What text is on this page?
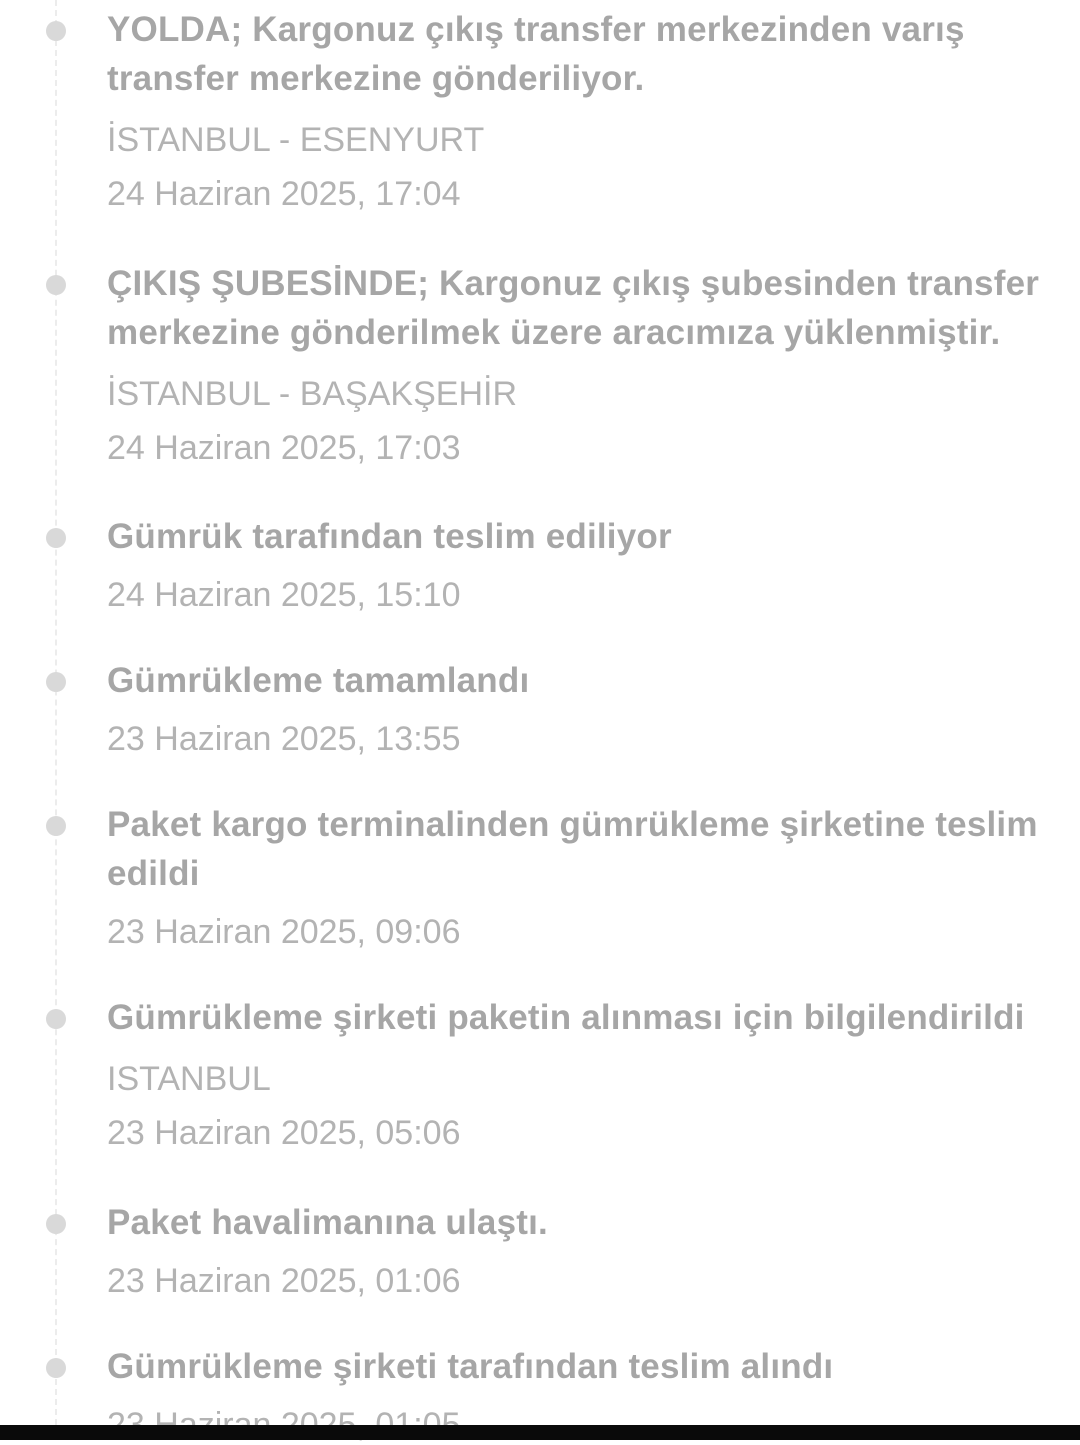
YOLDA; Kargonuz çıkış transfer merkezinden varış transfer merkezine gönderiliyor.
İSTANBUL - ESENYURT
24 Haziran 2025, 17:04
ÇIKIŞ ŞUBESİNDE; Kargonuz çıkış şubesinden transfer merkezine gönderilmek üzere aracımıza yüklenmiştir.
İSTANBUL - BAŞAKŞEHİR
24 Haziran 2025, 17:03
Gümrük tarafından teslim ediliyor
24 Haziran 2025, 15:10
Gümrükleme tamamlandı
23 Haziran 2025, 13:55
Paket kargo terminalinden gümrükleme şirketine teslim edildi
23 Haziran 2025, 09:06
Gümrükleme şirketi paketin alınması için bilgilendirildi
ISTANBUL
23 Haziran 2025, 05:06
Paket havalimanına ulaştı.
23 Haziran 2025, 01:06
Gümrükleme şirketi tarafından teslim alındı
